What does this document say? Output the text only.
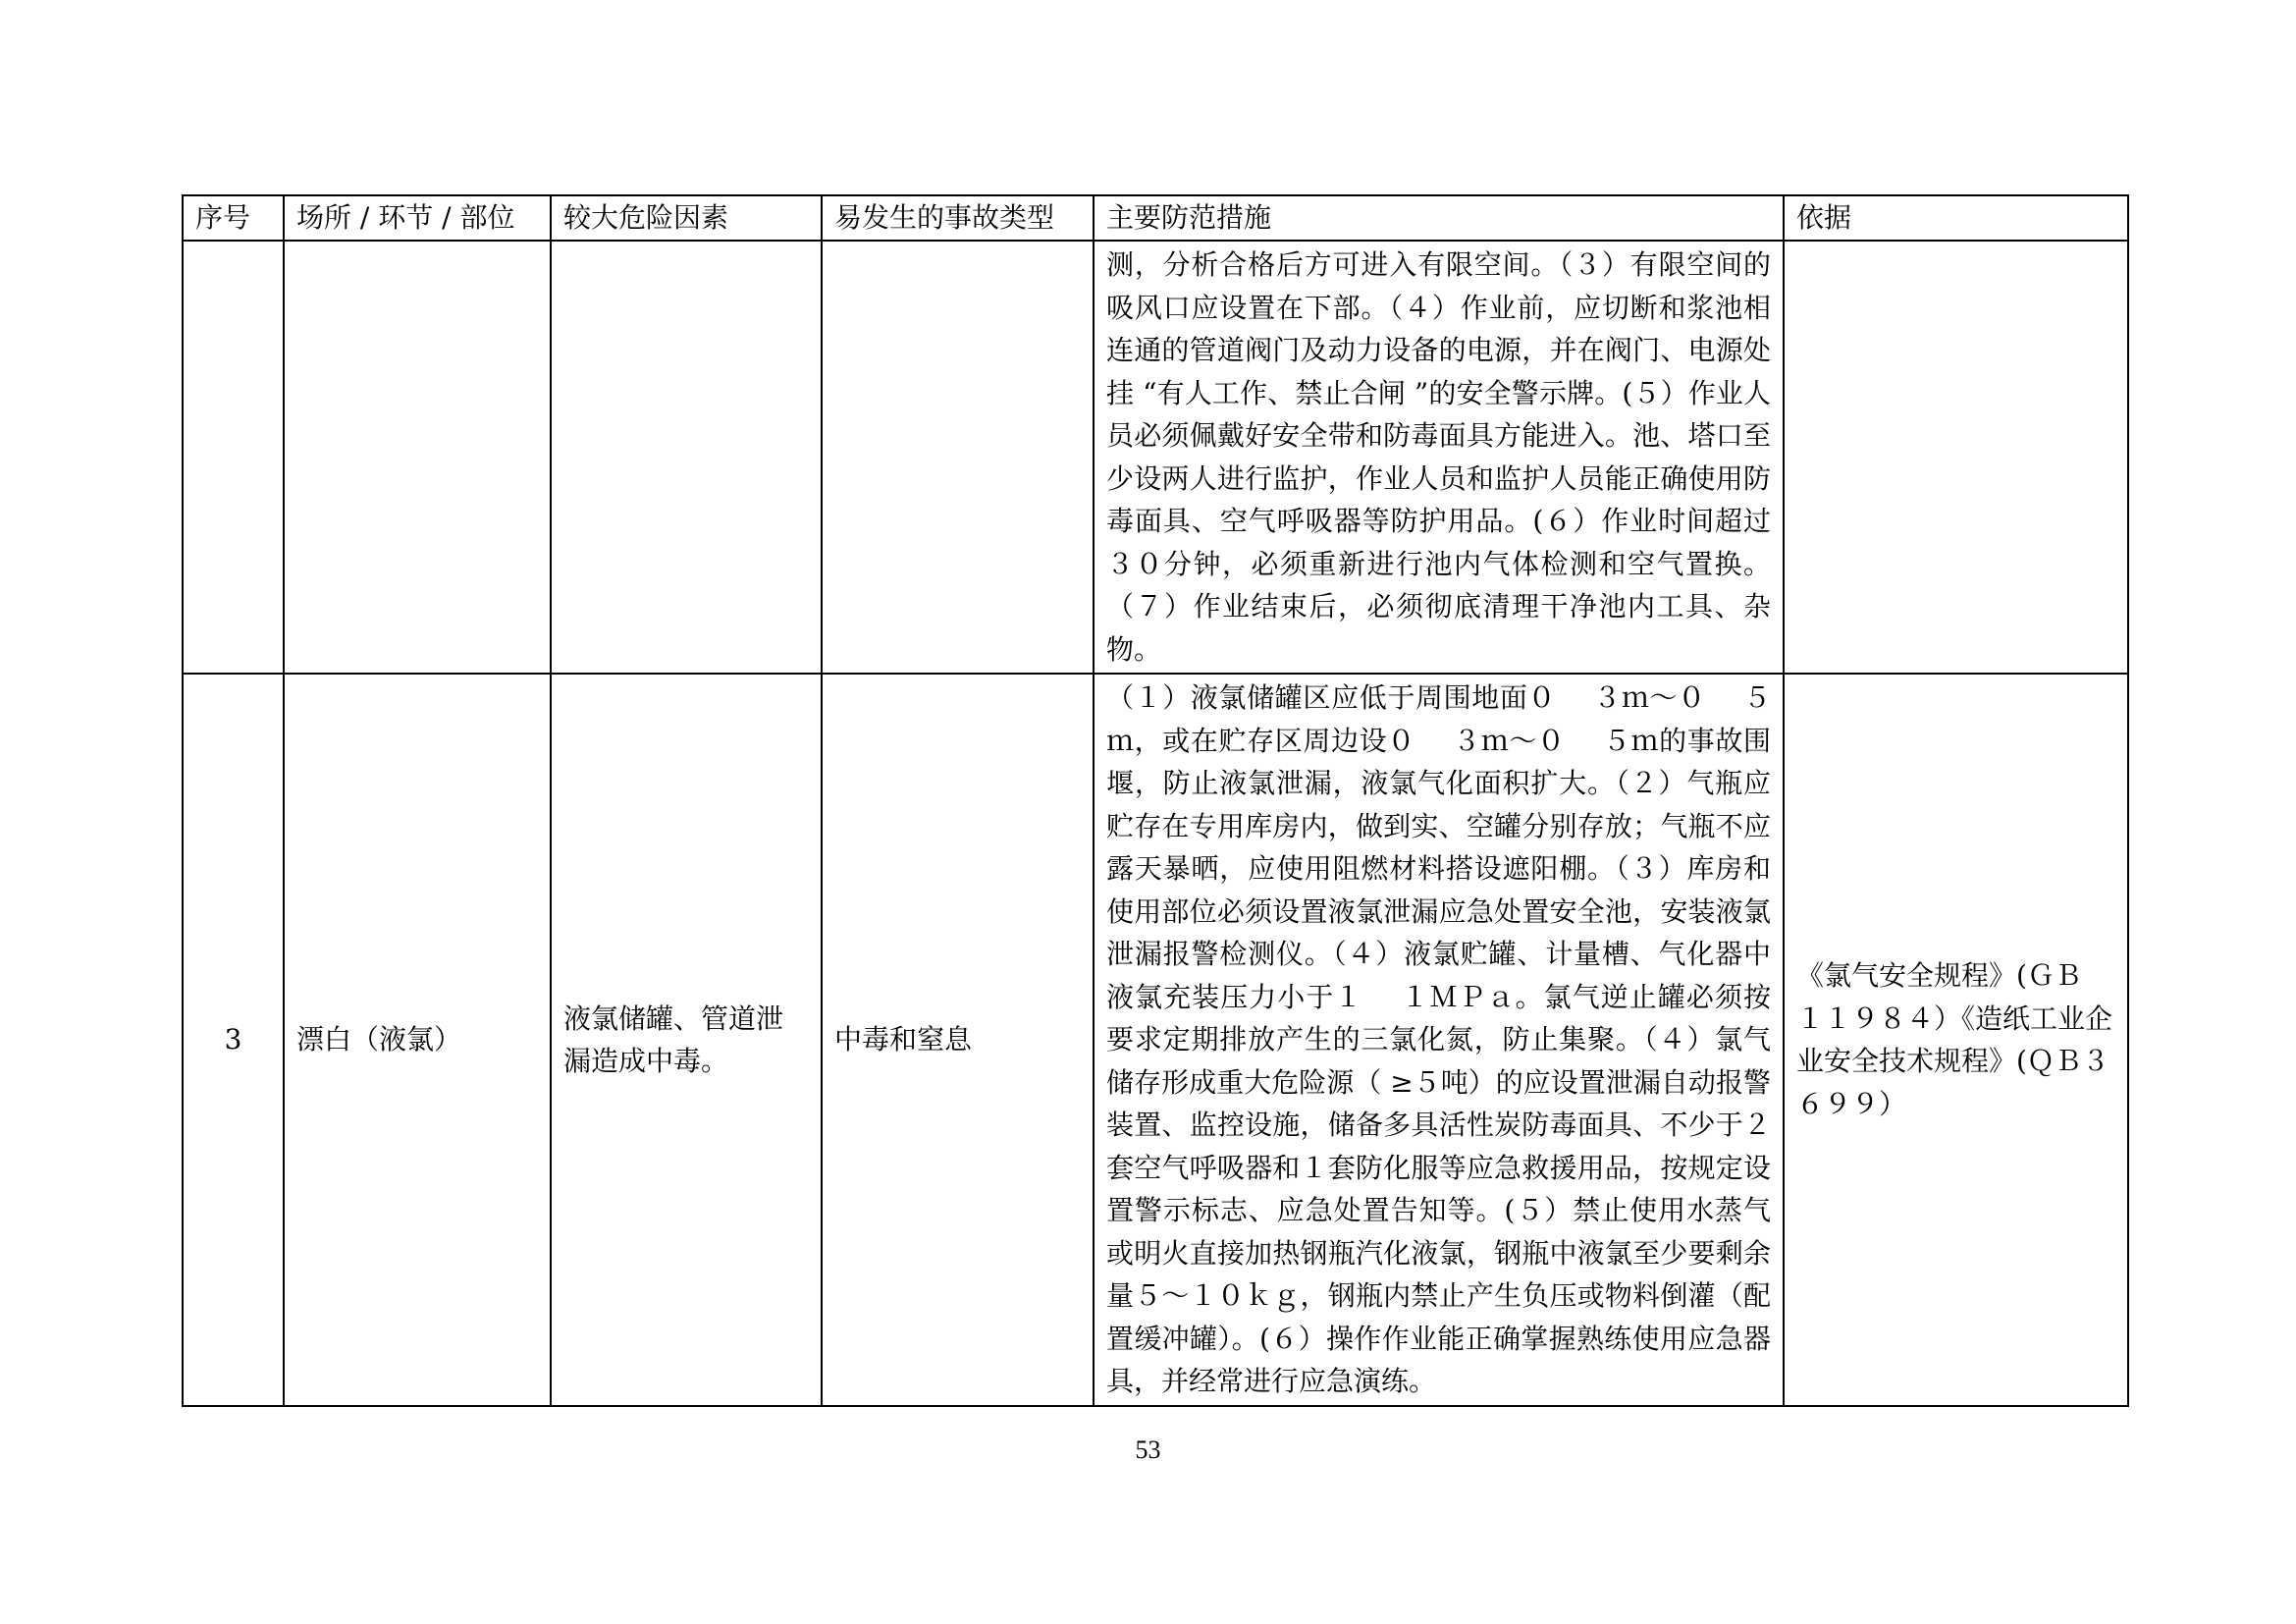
序号	场所 / 环节 / 部位	较大危险因素	易发生的事故类型	主要防范措施	依据
				测，分析合格后方可进入有限空间。（３）有限空间的吸风口应设置在下部。（４）作业前，应切断和浆池相连通的管道阀门及动力设备的电源，并在阀门、电源处挂 “有人工作、禁止合闸 ”的安全警示牌。(５）作业人员必须佩戴好安全带和防毒面具方能进入。池、塔口至少设两人进行监护，作业人员和监护人员能正确使用防毒面具、空气呼吸器等防护用品。(６）作业时间超过３０分钟，必须重新进行池内气体检测和空气置换。（７）作业结束后，必须彻底清理干净池内工具、杂物。	
3	漂白（液氯）	液氯储罐、管道泄漏造成中毒。	中毒和窒息	（１）液氯储罐区应低于周围地面０　 ３ｍ～０　 ５ｍ，或在贮存区周边设０　 ３ｍ～０　 ５ｍ的事故围堰，防止液氯泄漏，液氯气化面积扩大。（２）气瓶应贮存在专用库房内，做到实、空罐分别存放；气瓶不应露天暴晒，应使用阻燃材料搭设遮阳棚。（３）库房和使用部位必须设置液氯泄漏应急处置安全池，安装液氯泄漏报警检测仪。（４）液氯贮罐、计量槽、气化器中液氯充装压力小于１　 １ＭＰａ。氯气逆止罐必须按要求定期排放产生的三氯化氮，防止集聚。（４）氯气储存形成重大危险源（ ≥５吨）的应设置泄漏自动报警装置、监控设施，储备多具活性炭防毒面具、不少于２套空气呼吸器和１套防化服等应急救援用品，按规定设置警示标志、应急处置告知等。(５）禁止使用水蒸气或明火直接加热钢瓶汽化液氯，钢瓶中液氯至少要剩余量５～１０ｋｇ，钢瓶内禁止产生负压或物料倒灌（配置缓冲罐）。(６）操作作业能正确掌握熟练使用应急器具，并经常进行应急演练。	《氯气安全规程》(ＧＢ １１９８４）《造纸工业企业安全技术规程》(ＱＢ３６９９）
53
